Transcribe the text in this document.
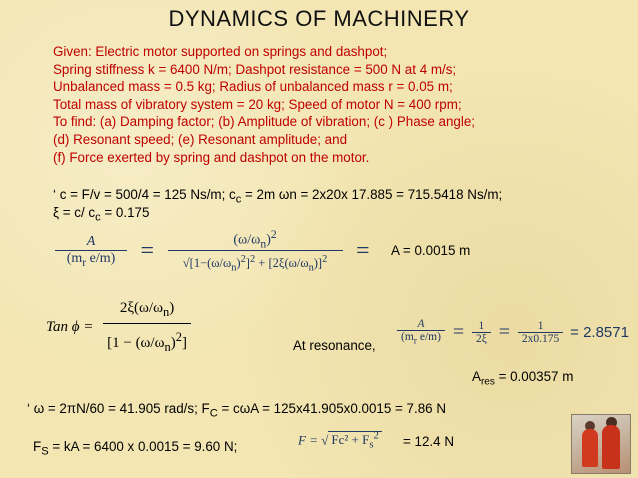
DYNAMICS OF MACHINERY
Given: Electric motor supported on springs and dashpot;
Spring stiffness k = 6400 N/m; Dashpot resistance = 500 N at 4 m/s;
Unbalanced mass = 0.5 kg; Radius of unbalanced mass r = 0.05 m;
Total mass of vibratory system = 20 kg; Speed of motor N = 400 rpm;
To find: (a) Damping factor; (b) Amplitude of vibration; (c ) Phase angle;
(d) Resonant speed; (e) Resonant amplitude; and
(f) Force exerted by spring and dashpot on the motor.
‘ c = F/v = 500/4 = 125 Ns/m; $c_c = 2m$ ωn = 2x20x 17.885 = 715.5418 Ns/m;
ξ = c/ $c_c = 0.175$
$\frac{A}{(m_r e/m)} = \frac{(\omega/\omega_n)^2}{√[1-(\omega/\omega_n)^2]^2 + [2\xi(\omega/\omega_n)]^2} = A = 0.0015$ m
Tan $\phi = \frac{2\xi(\omega/\omega_n)}{[1 - (\omega/\omega_n)^2]}$	At resonance, $\frac{A}{(m_r e/m)} = \frac{1}{2\xi} = \frac{1}{2x0.175} = 2.8571$
$A_{res} = 0.00357$ m
‘ ω = 2πN/60 = 41.905 rad/s; $F_C = c\omega A = 125x41.905x0.0015 = 7.86$ N
$F_S$ = kA = 6400 x 0.0015 = 9.60 N;	F = √ $Fc^2 + F_s^2 = 12.4$ N
